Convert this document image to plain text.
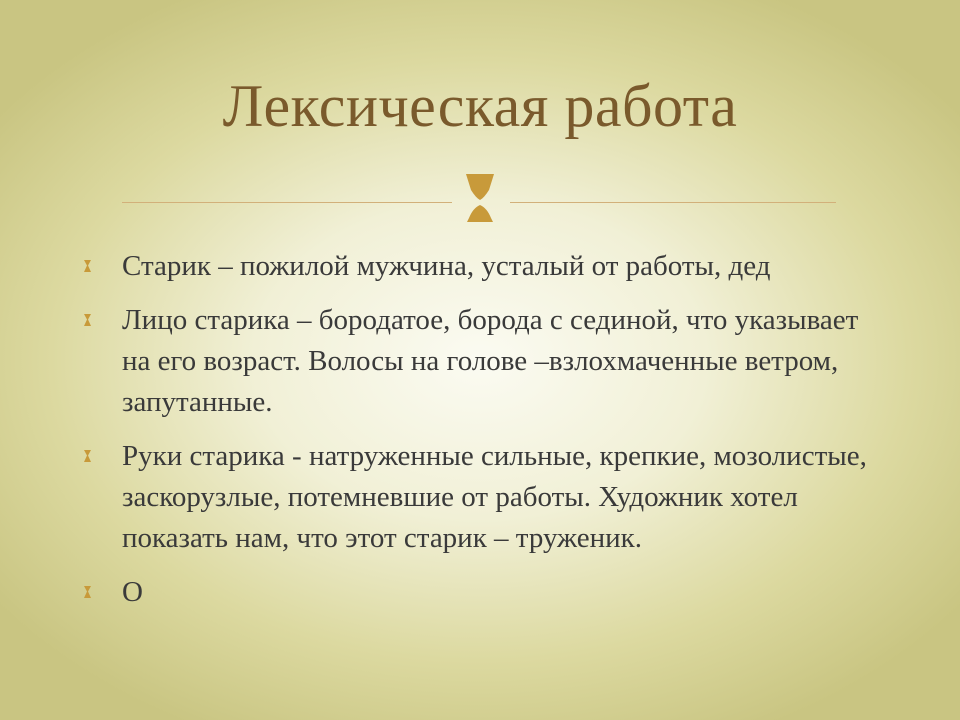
Лексическая работа
Старик – пожилой мужчина, усталый от работы, дед
Лицо старика – бородатое, борода с сединой, что указывает на его возраст. Волосы на голове –взлохмаченные ветром, запутанные.
Руки старика - натруженные сильные, крепкие, мозолистые, заскорузлые, потемневшие от работы. Художник хотел показать нам, что этот старик – труженик.
О
